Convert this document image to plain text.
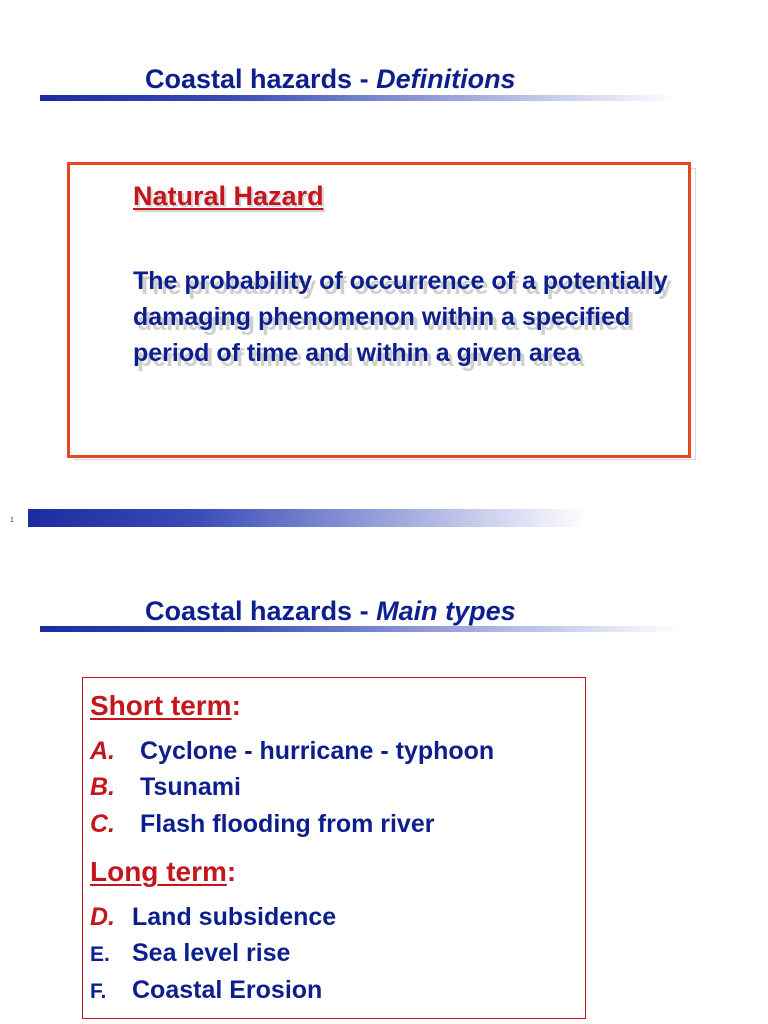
Coastal hazards - Definitions
Natural Hazard

The probability of occurrence of a potentially damaging phenomenon within a specified period of time and within a given area

1
Coastal hazards - Main types
Short term:
A. Cyclone - hurricane - typhoon
B. Tsunami
C. Flash flooding from river
Long term:
D. Land subsidence
E. Sea level rise
F. Coastal Erosion
